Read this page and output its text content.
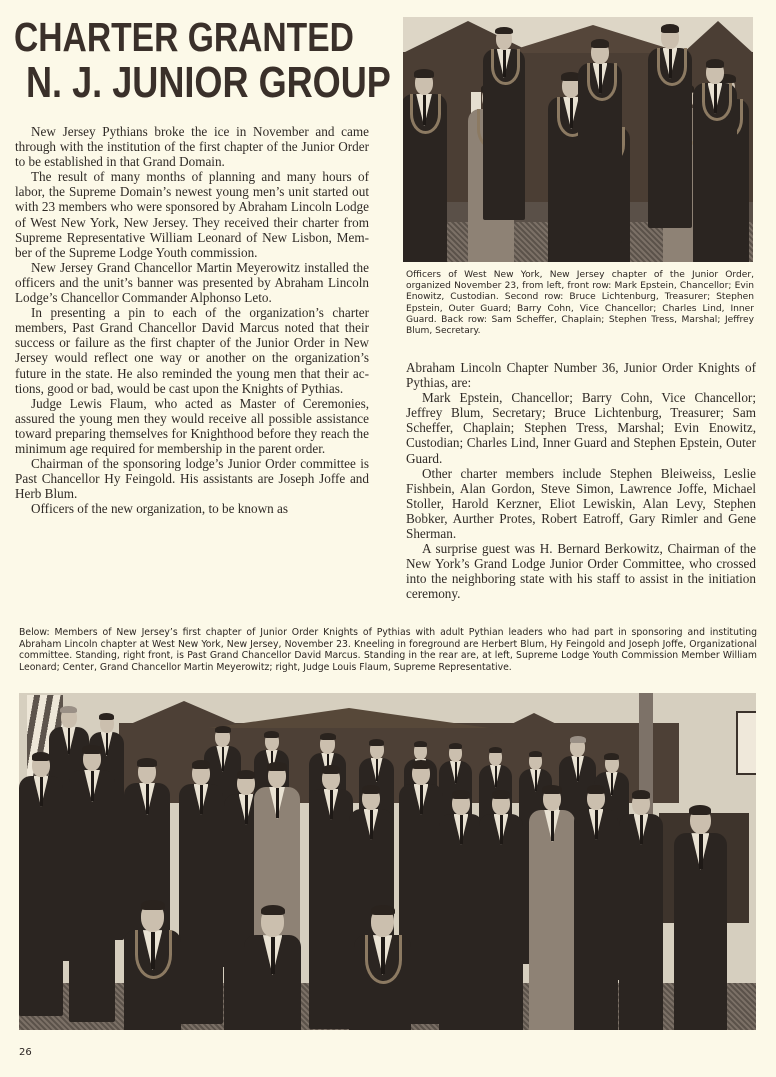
CHARTER GRANTED
N. J. JUNIOR GROUP

New Jersey Pythians broke the ice in November and came through with the institution of the first chapter of the Junior Order to be established in that Grand Domain.

The result of many months of planning and many hours of labor, the Supreme Domain’s newest young men’s unit started out with 23 members who were sponsored by Abraham Lincoln Lodge of West New York, New Jersey. They received their charter from Supreme Representative William Leonard of New Lisbon, Member of the Supreme Lodge Youth commission.

New Jersey Grand Chancellor Martin Meyerowitz installed the officers and the unit’s banner was presented by Abraham Lincoln Lodge’s Chancellor Commander Alphonso Leto.

In presenting a pin to each of the organization’s charter members, Past Grand Chancellor David Marcus noted that their success or failure as the first chapter of the Junior Order in New Jersey would reflect one way or another on the organization’s future in the state. He also reminded the young men that their actions, good or bad, would be cast upon the Knights of Pythias.

Judge Lewis Flaum, who acted as Master of Ceremonies, assured the young men they would receive all possible assistance toward preparing themselves for Knighthood before they reach the minimum age required for membership in the parent order.

Chairman of the sponsoring lodge’s Junior Order committee is Past Chancellor Hy Feingold. His assistants are Joseph Joffe and Herb Blum.

Officers of the new organization, to be known as

Officers of West New York, New Jersey chapter of the Junior Order, organized November 23, from left, front row: Mark Epstein, Chancellor; Evin Enowitz, Custodian. Second row: Bruce Lichtenburg, Treasurer; Stephen Epstein, Outer Guard; Barry Cohn, Vice Chancellor; Charles Lind, Inner Guard. Back row: Sam Scheffer, Chaplain; Stephen Tress, Marshal; Jeffrey Blum, Secretary.

Abraham Lincoln Chapter Number 36, Junior Order Knights of Pythias, are:

Mark Epstein, Chancellor; Barry Cohn, Vice Chancellor; Jeffrey Blum, Secretary; Bruce Lichtenburg, Treasurer; Sam Scheffer, Chaplain; Stephen Tress, Marshal; Evin Enowitz, Custodian; Charles Lind, Inner Guard and Stephen Epstein, Outer Guard.

Other charter members include Stephen Bleiweiss, Leslie Fishbein, Alan Gordon, Steve Simon, Lawrence Joffe, Michael Stoller, Harold Kerzner, Eliot Lewiskin, Alan Levy, Stephen Bobker, Aurther Protes, Robert Eatroff, Gary Rimler and Gene Sherman.

A surprise guest was H. Bernard Berkowitz, Chairman of the New York’s Grand Lodge Junior Order Committee, who crossed into the neighboring state with his staff to assist in the initiation ceremony.

Below: Members of New Jersey’s first chapter of Junior Order Knights of Pythias with adult Pythian leaders who had part in sponsoring and instituting Abraham Lincoln chapter at West New York, New Jersey, November 23. Kneeling in foreground are Herbert Blum, Hy Feingold and Joseph Joffe, Organizational committee. Standing, right front, is Past Grand Chancellor David Marcus. Standing in the rear are, at left, Supreme Lodge Youth Commission Member William Leonard; Center, Grand Chancellor Martin Meyerowitz; right, Judge Louis Flaum, Supreme Representative.
26
